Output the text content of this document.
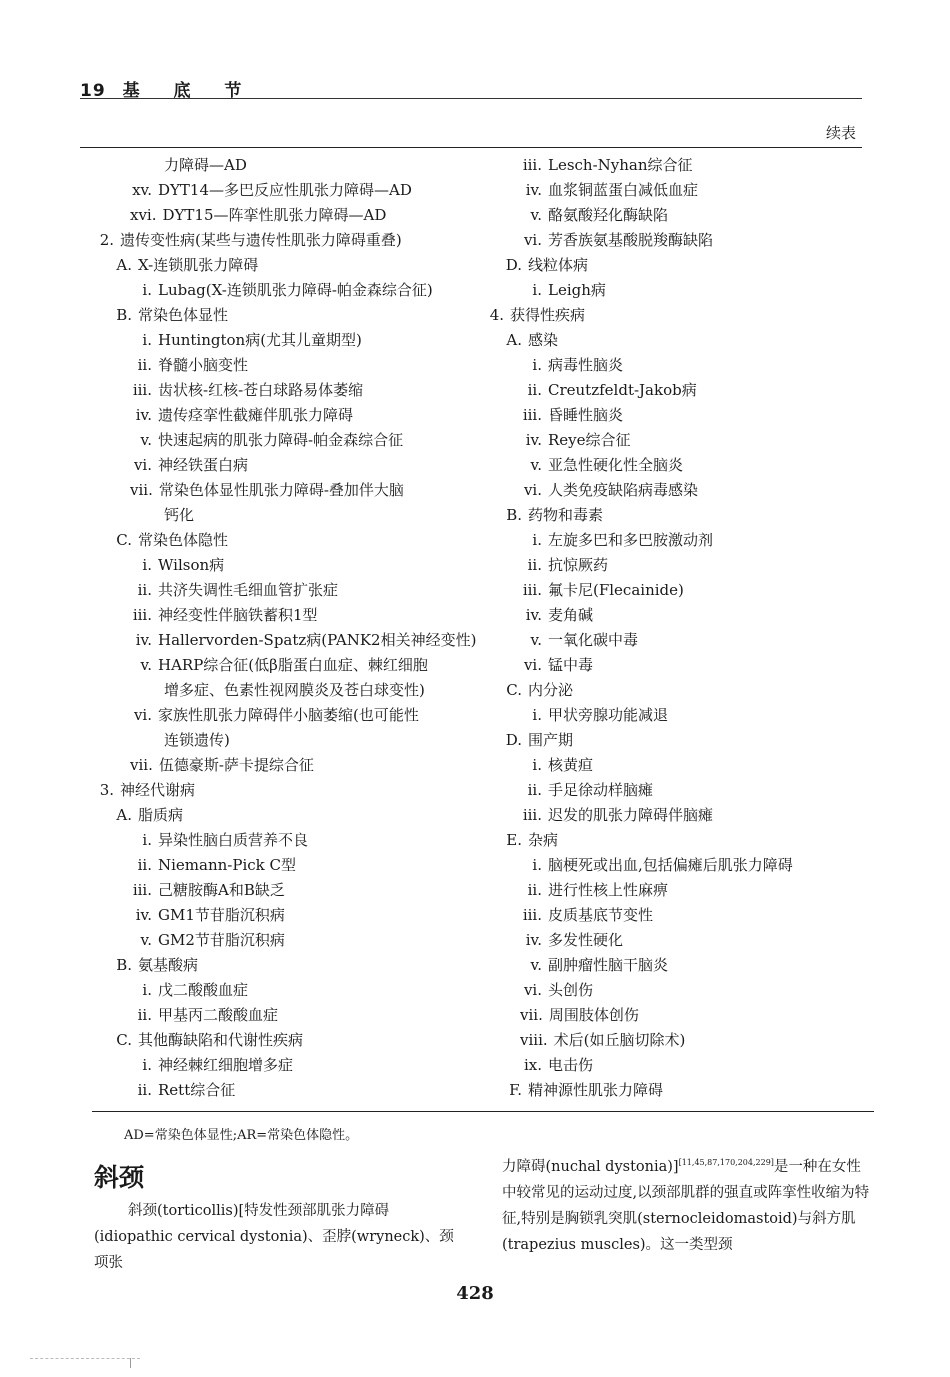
19 基 底 节
续表
力障碍—AD
xv. DYT14—多巴反应性肌张力障碍—AD
xvi. DYT15—阵挛性肌张力障碍—AD
2. 遗传变性病(某些与遗传性肌张力障碍重叠)
A. X-连锁肌张力障碍
i. Lubag(X-连锁肌张力障碍-帕金森综合征)
B. 常染色体显性
i. Huntington病(尤其儿童期型)
ii. 脊髓小脑变性
iii. 齿状核-红核-苍白球路易体萎缩
iv. 遗传痉挛性截瘫伴肌张力障碍
v. 快速起病的肌张力障碍-帕金森综合征
vi. 神经铁蛋白病
vii. 常染色体显性肌张力障碍-叠加伴大脑
钙化
C. 常染色体隐性
i. Wilson病
ii. 共济失调性毛细血管扩张症
iii. 神经变性伴脑铁蓄积1型
iv. Hallervorden-Spatz病(PANK2相关神经变性)
v. HARP综合征(低β脂蛋白血症、棘红细胞
增多症、色素性视网膜炎及苍白球变性)
vi. 家族性肌张力障碍伴小脑萎缩(也可能性
连锁遗传)
vii. 伍德豪斯-萨卡提综合征
3. 神经代谢病
A. 脂质病
i. 异染性脑白质营养不良
ii. Niemann-Pick C型
iii. 己糖胺酶A和B缺乏
iv. GM1节苷脂沉积病
v. GM2节苷脂沉积病
B. 氨基酸病
i. 戊二酸酸血症
ii. 甲基丙二酸酸血症
C. 其他酶缺陷和代谢性疾病
i. 神经棘红细胞增多症
ii. Rett综合征
iii. Lesch-Nyhan综合征
iv. 血浆铜蓝蛋白减低血症
v. 酪氨酸羟化酶缺陷
vi. 芳香族氨基酸脱羧酶缺陷
D. 线粒体病
i. Leigh病
4. 获得性疾病
A. 感染
i. 病毒性脑炎
ii. Creutzfeldt-Jakob病
iii. 昏睡性脑炎
iv. Reye综合征
v. 亚急性硬化性全脑炎
vi. 人类免疫缺陷病毒感染
B. 药物和毒素
i. 左旋多巴和多巴胺激动剂
ii. 抗惊厥药
iii. 氟卡尼(Flecainide)
iv. 麦角碱
v. 一氧化碳中毒
vi. 锰中毒
C. 内分泌
i. 甲状旁腺功能减退
D. 围产期
i. 核黄疸
ii. 手足徐动样脑瘫
iii. 迟发的肌张力障碍伴脑瘫
E. 杂病
i. 脑梗死或出血,包括偏瘫后肌张力障碍
ii. 进行性核上性麻痹
iii. 皮质基底节变性
iv. 多发性硬化
v. 副肿瘤性脑干脑炎
vi. 头创伤
vii. 周围肢体创伤
viii. 术后(如丘脑切除术)
ix. 电击伤
F. 精神源性肌张力障碍
AD=常染色体显性;AR=常染色体隐性。
斜颈
斜颈(torticollis)[特发性颈部肌张力障碍(idiopathic cervical dystonia)、歪脖(wryneck)、颈项张
力障碍(nuchal dystonia)][11,45,87,170,204,229]是一种在女性中较常见的运动过度,以颈部肌群的强直或阵挛性收缩为特征,特别是胸锁乳突肌(sternocleidomastoid)与斜方肌(trapezius muscles)。这一类型颈
428
